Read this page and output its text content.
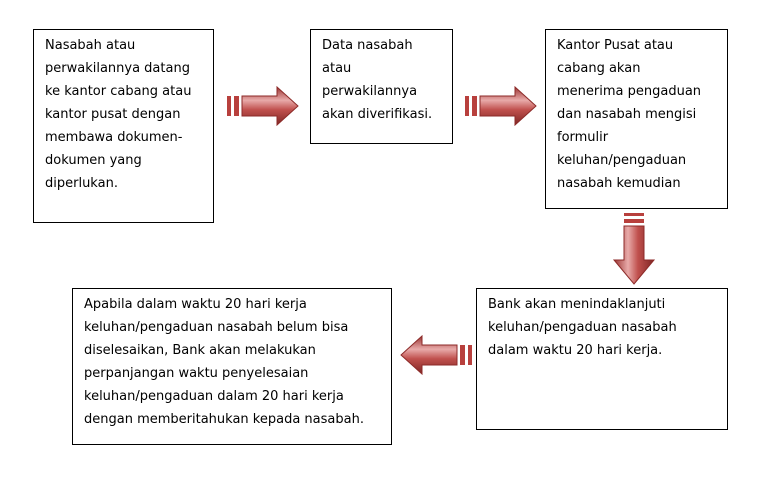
Nasabah atau
perwakilannya datang
ke kantor cabang atau
kantor pusat dengan
membawa dokumen-
dokumen yang
diperlukan.
Data nasabah
atau
perwakilannya
akan diverifikasi.
Kantor Pusat atau
cabang akan
menerima pengaduan
dan nasabah mengisi
formulir
keluhan/pengaduan
nasabah kemudian
Bank akan menindaklanjuti
keluhan/pengaduan nasabah
dalam waktu 20 hari kerja.
Apabila dalam waktu 20 hari kerja
keluhan/pengaduan nasabah belum bisa
diselesaikan, Bank akan melakukan
perpanjangan waktu penyelesaian
keluhan/pengaduan dalam 20 hari kerja
dengan memberitahukan kepada nasabah.
